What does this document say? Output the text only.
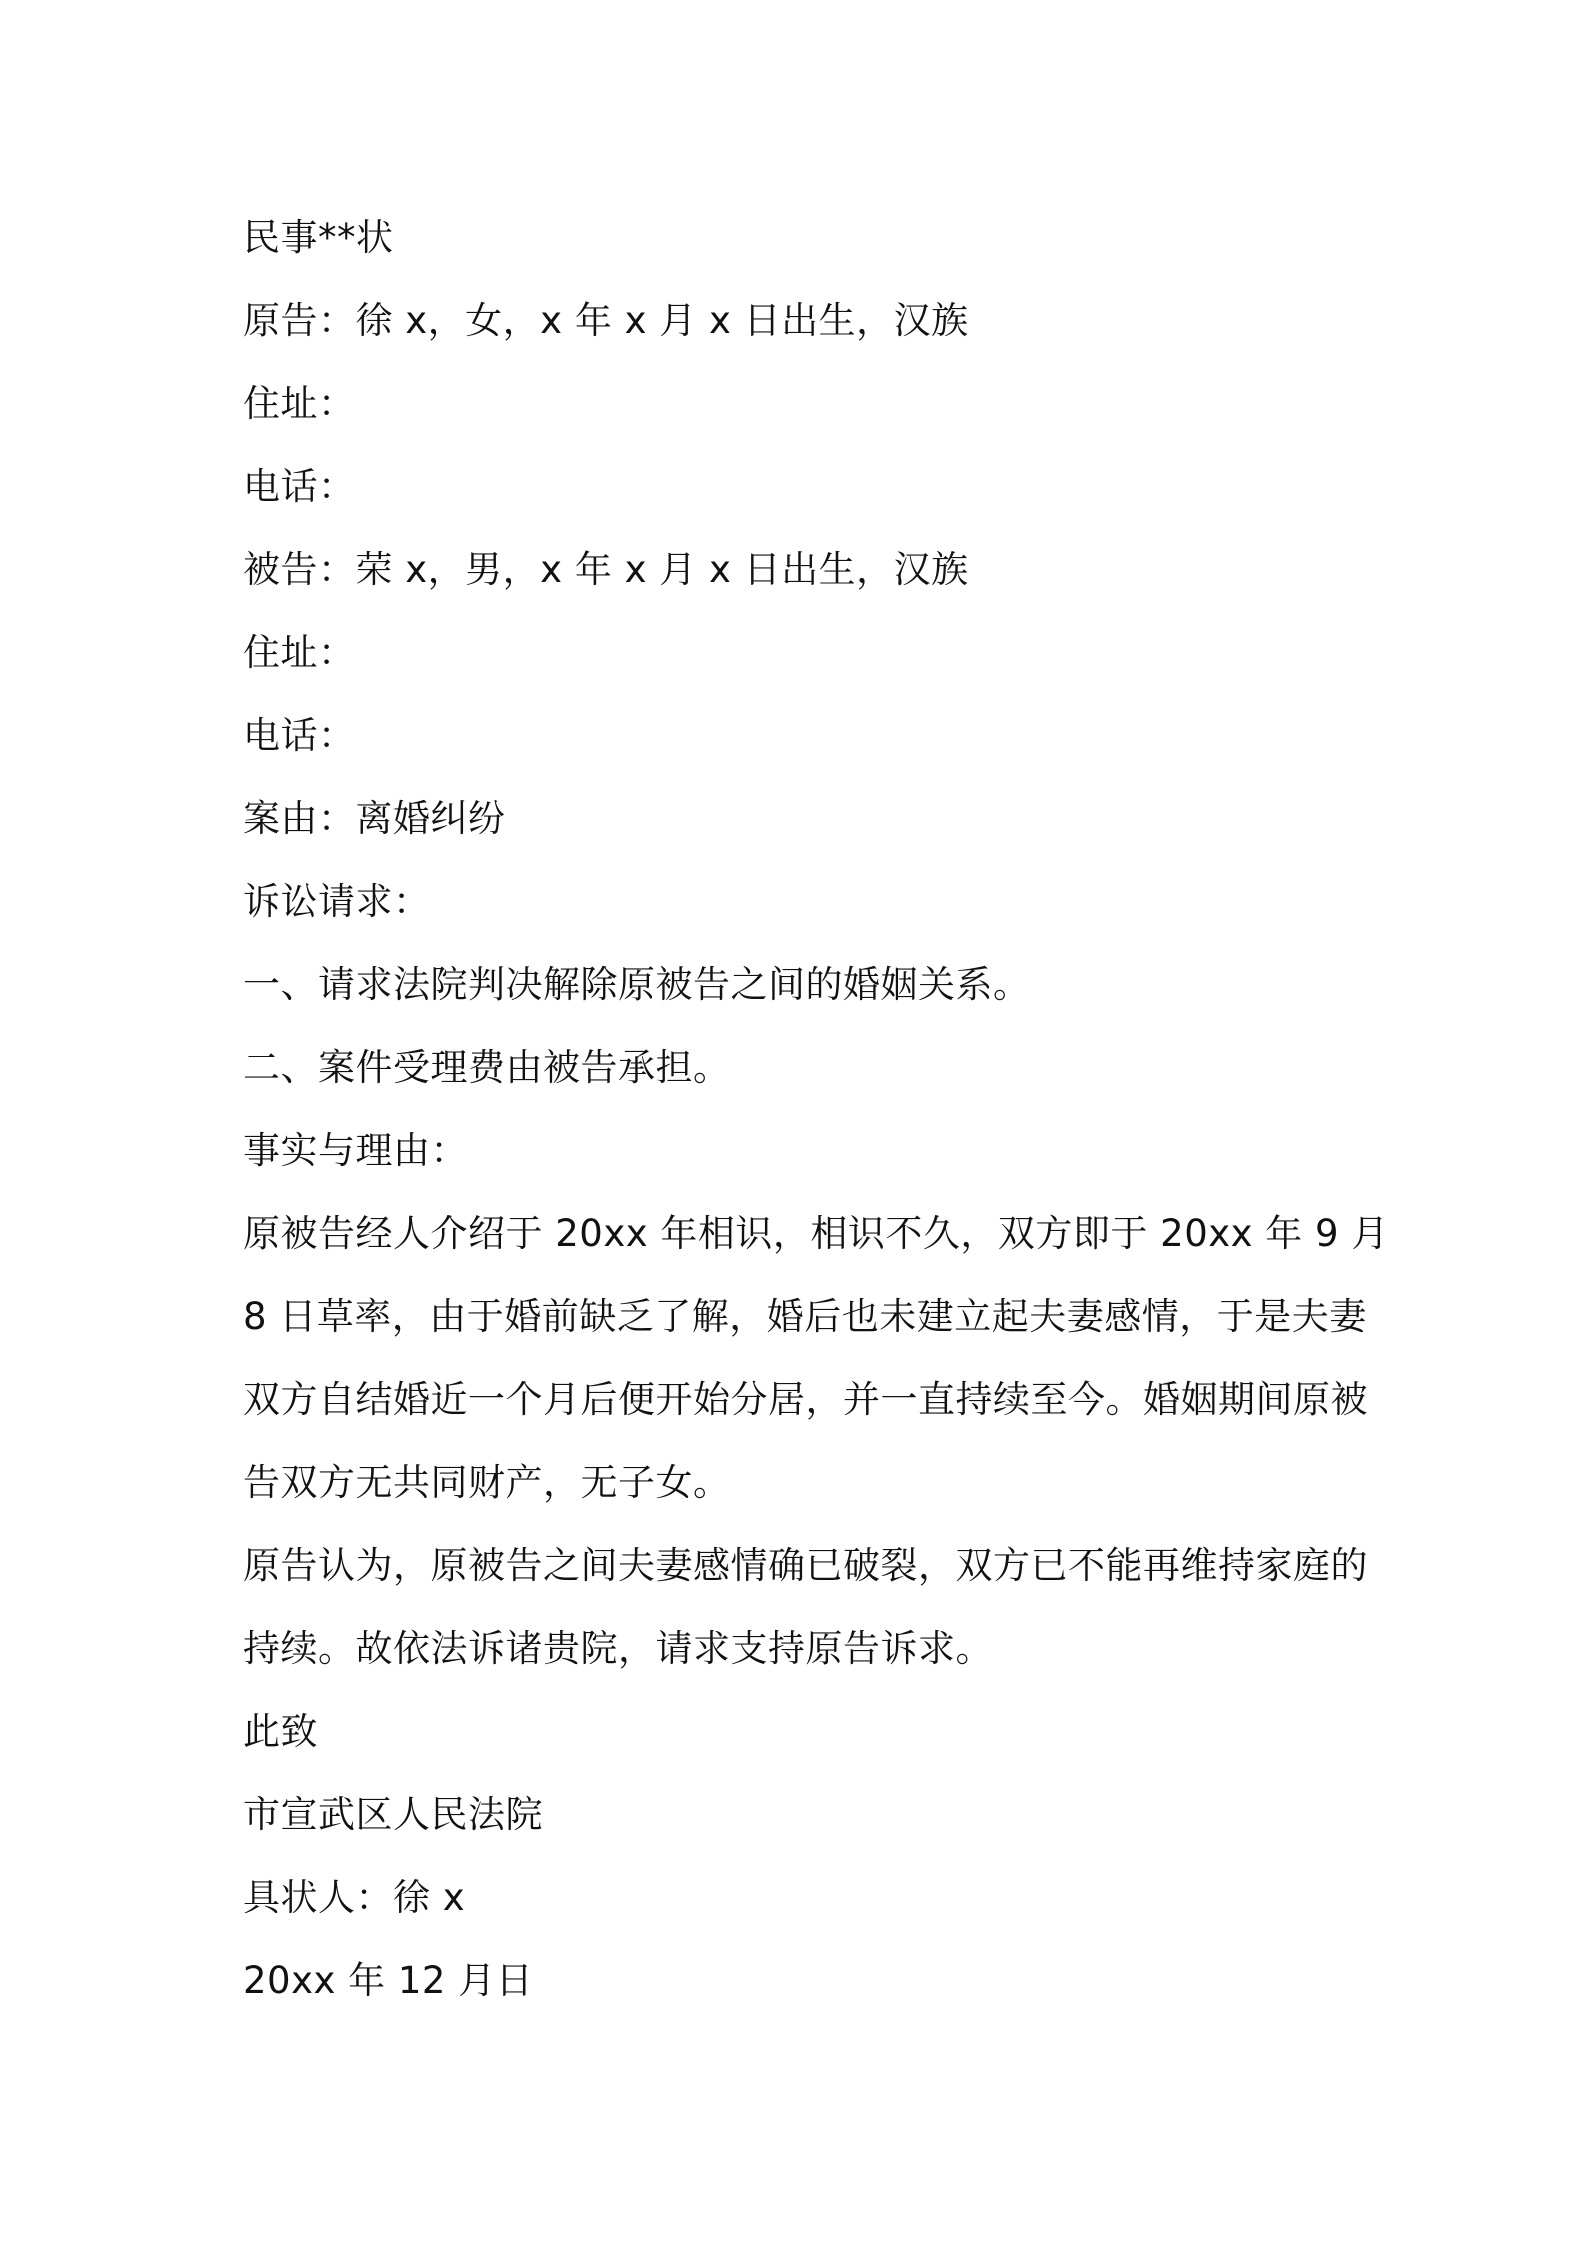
民事**状
原告：徐 x，女，x 年 x 月 x 日出生，汉族
住址：
电话：
被告：荣 x，男，x 年 x 月 x 日出生，汉族
住址：
电话：
案由：离婚纠纷
诉讼请求：
一、请求法院判决解除原被告之间的婚姻关系。
二、案件受理费由被告承担。
事实与理由：
原被告经人介绍于 20xx 年相识，相识不久，双方即于 20xx 年 9 月
8 日草率，由于婚前缺乏了解，婚后也未建立起夫妻感情，于是夫妻
双方自结婚近一个月后便开始分居，并一直持续至今。婚姻期间原被
告双方无共同财产，无子女。
原告认为，原被告之间夫妻感情确已破裂，双方已不能再维持家庭的
持续。故依法诉诸贵院，请求支持原告诉求。
此致
市宣武区人民法院
具状人：徐 x
20xx 年 12 月日
